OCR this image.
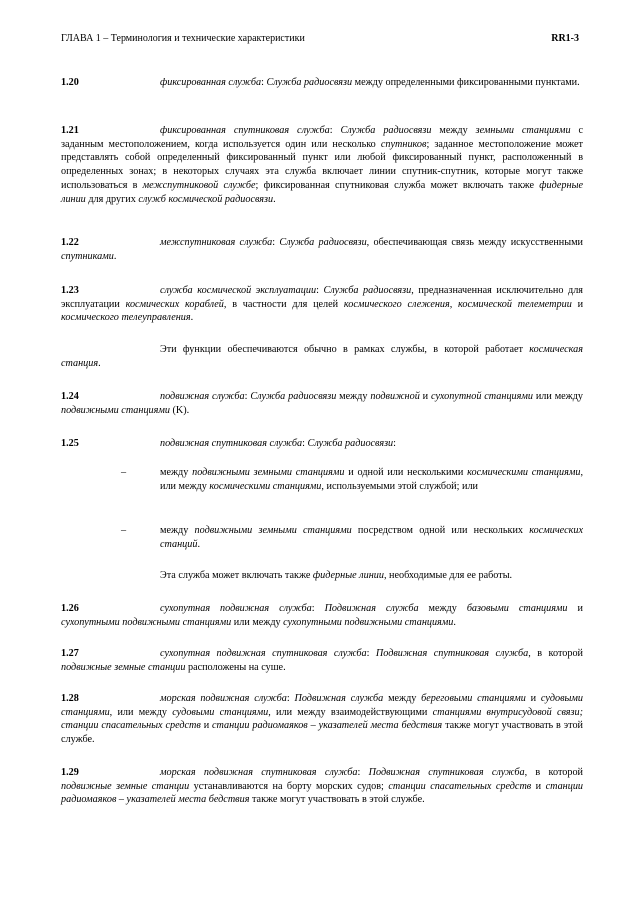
ГЛАВА 1 – Терминология и технические характеристики	RR1-3
1.20	фиксированная служба: Служба радиосвязи между определенными фиксированными пунктами.
1.21	фиксированная спутниковая служба: Служба радиосвязи между земными станциями с заданным местоположением, когда используется один или несколько спутников; заданное местоположение может представлять собой определенный фиксированный пункт или любой фиксированный пункт, расположенный в определенных зонах; в некоторых случаях эта служба включает линии спутник-спутник, которые могут также использоваться в межспутниковой службе; фиксированная спутниковая служба может включать также фидерные линии для других служб космической радиосвязи.
1.22	межспутниковая служба: Служба радиосвязи, обеспечивающая связь между искусственными спутниками.
1.23	служба космической эксплуатации: Служба радиосвязи, предназначенная исключительно для эксплуатации космических кораблей, в частности для целей космического слежения, космической телеметрии и космического телеуправления.
Эти функции обеспечиваются обычно в рамках службы, в которой работает космическая станция.
1.24	подвижная служба: Служба радиосвязи между подвижной и сухопутной станциями или между подвижными станциями (K).
1.25	подвижная спутниковая служба: Служба радиосвязи:
–	между подвижными земными станциями и одной или несколькими космическими станциями, или между космическими станциями, используемыми этой службой; или
–	между подвижными земными станциями посредством одной или нескольких космических станций.
Эта служба может включать также фидерные линии, необходимые для ее работы.
1.26	сухопутная подвижная служба: Подвижная служба между базовыми станциями и сухопутными подвижными станциями или между сухопутными подвижными станциями.
1.27	сухопутная подвижная спутниковая служба: Подвижная спутниковая служба, в которой подвижные земные станции расположены на суше.
1.28	морская подвижная служба: Подвижная служба между береговыми станциями и судовыми станциями, или между судовыми станциями, или между взаимодействующими станциями внутрисудовой связи; станции спасательных средств и станции радиомаяков – указателей места бедствия также могут участвовать в этой службе.
1.29	морская подвижная спутниковая служба: Подвижная спутниковая служба, в которой подвижные земные станции устанавливаются на борту морских судов; станции спасательных средств и станции радиомаяков – указателей места бедствия также могут участвовать в этой службе.
